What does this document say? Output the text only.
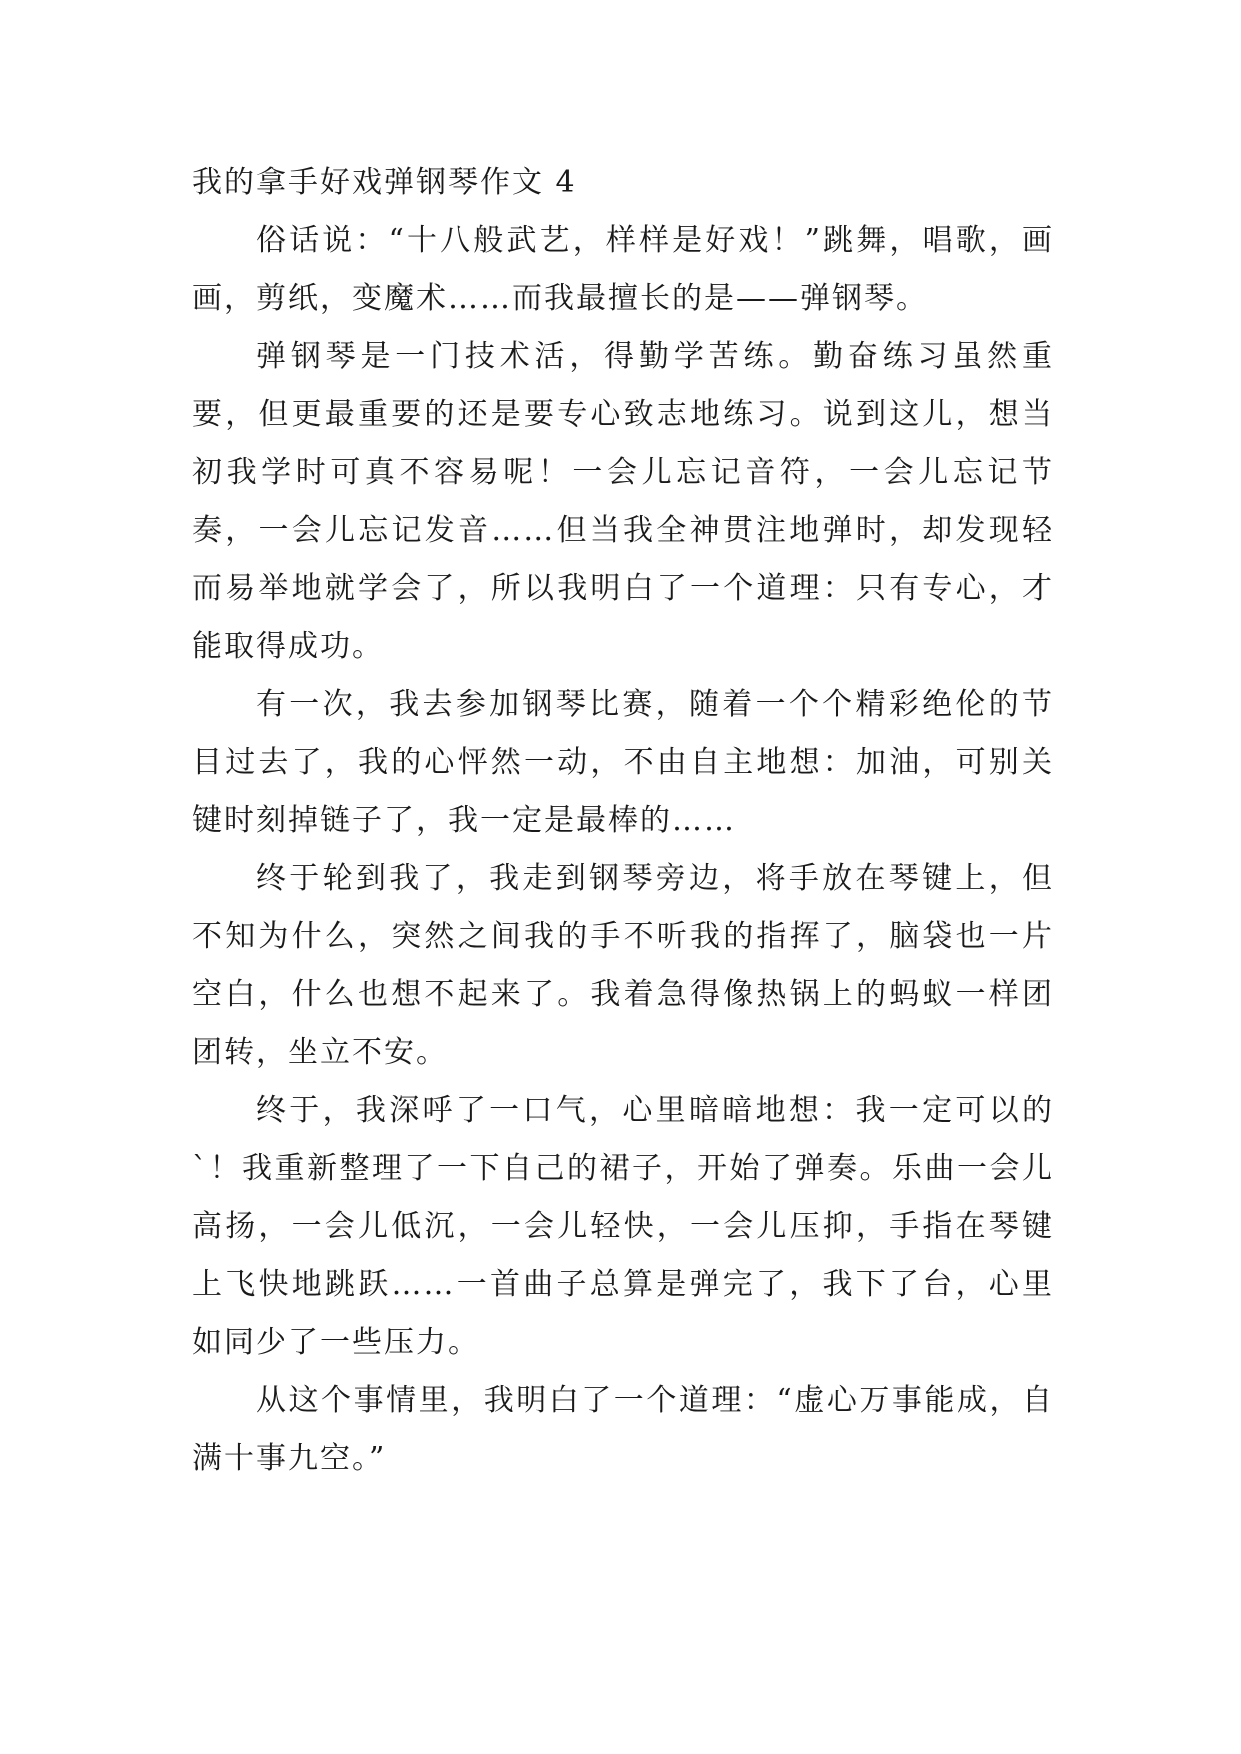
我的拿手好戏弹钢琴作文 4

俗话说：“十八般武艺，样样是好戏！”跳舞，唱歌，画画，剪纸，变魔术……而我最擅长的是——弹钢琴。

弹钢琴是一门技术活，得勤学苦练。勤奋练习虽然重要，但更最重要的还是要专心致志地练习。说到这儿，想当初我学时可真不容易呢！一会儿忘记音符，一会儿忘记节奏，一会儿忘记发音……但当我全神贯注地弹时，却发现轻而易举地就学会了，所以我明白了一个道理：只有专心，才能取得成功。

有一次，我去参加钢琴比赛，随着一个个精彩绝伦的节目过去了，我的心怦然一动，不由自主地想：加油，可别关键时刻掉链子了，我一定是最棒的……

终于轮到我了，我走到钢琴旁边，将手放在琴键上，但不知为什么，突然之间我的手不听我的指挥了，脑袋也一片空白，什么也想不起来了。我着急得像热锅上的蚂蚁一样团团转，坐立不安。

终于，我深呼了一口气，心里暗暗地想：我一定可以的`！我重新整理了一下自己的裙子，开始了弹奏。乐曲一会儿高扬，一会儿低沉，一会儿轻快，一会儿压抑，手指在琴键上飞快地跳跃……一首曲子总算是弹完了，我下了台，心里如同少了一些压力。

从这个事情里，我明白了一个道理：“虚心万事能成，自满十事九空。”
